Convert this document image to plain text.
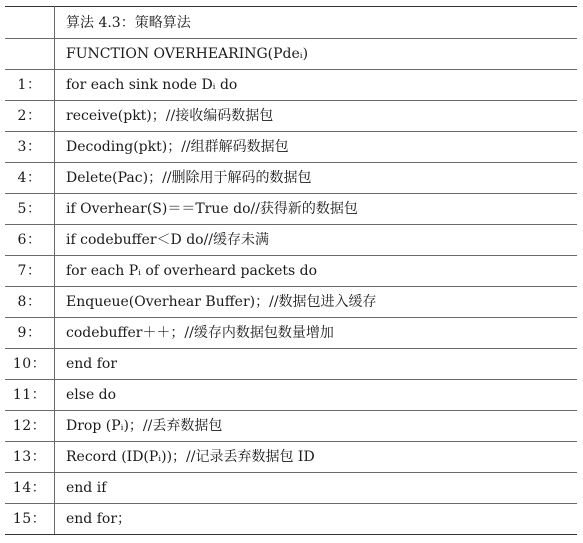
	算法 4.3：策略算法
	FUNCTION OVERHEARING(Pdeᵢ)
1：	for each sink node Dᵢ do
2：	receive(pkt)；//接收编码数据包
3：	Decoding(pkt)；//组群解码数据包
4：	Delete(Pac)；//删除用于解码的数据包
5：	if Overhear(S)＝＝True do//获得新的数据包
6：	if codebuffer＜D do//缓存未满
7：	for each Pᵢ of overheard packets do
8：	Enqueue(Overhear Buffer)；//数据包进入缓存
9：	codebuffer＋＋；//缓存内数据包数量增加
10：	end for
11：	else do
12：	Drop (Pᵢ)；//丢弃数据包
13：	Record (ID(Pᵢ))；//记录丢弃数据包 ID
14：	end if
15：	end for；
